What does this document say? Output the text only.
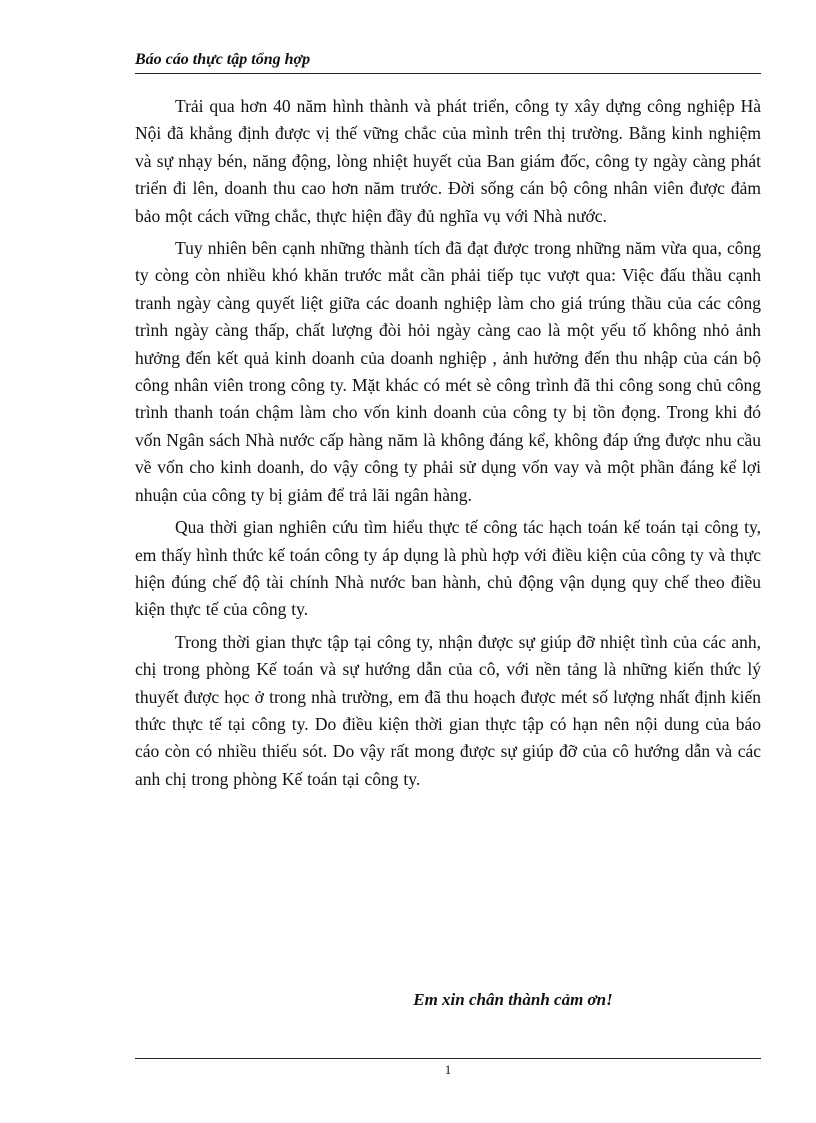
Báo cáo thực tập tổng hợp

Trải qua hơn 40 năm hình thành và phát triển, công ty xây dựng công nghiệp Hà Nội đã khẳng định được vị thế vững chắc của mình trên thị trường. Bằng kinh nghiệm và sự nhạy bén, năng động, lòng nhiệt huyết của Ban giám đốc, công ty ngày càng phát triển đi lên, doanh thu cao hơn năm trước. Đời sống cán bộ công nhân viên được đảm bảo một cách vững chắc, thực hiện đầy đủ nghĩa vụ với Nhà nước.

Tuy nhiên bên cạnh những thành tích đã đạt được trong những năm vừa qua, công ty còng còn nhiều khó khăn trước mắt cần phải tiếp tục vượt qua: Việc đấu thầu cạnh tranh ngày càng quyết liệt giữa các doanh nghiệp làm cho giá trúng thầu của các công trình ngày càng thấp, chất lượng đòi hỏi ngày càng cao là một yếu tố không nhỏ ảnh hưởng đến kết quả kinh doanh của doanh nghiệp , ảnh hưởng đến thu nhập của cán bộ công nhân viên trong công ty. Mặt khác có mét sè công trình đã thi công song chủ công trình thanh toán chậm làm cho vốn kinh doanh của công ty bị tồn đọng. Trong khi đó vốn Ngân sách Nhà nước cấp hàng năm là không đáng kể, không đáp ứng được nhu cầu về vốn cho kinh doanh, do vậy công ty phải sử dụng vốn vay và một phần đáng kể lợi nhuận của công ty bị giảm để trả lãi ngân hàng.

Qua thời gian nghiên cứu tìm hiểu thực tế công tác hạch toán kế toán tại công ty, em thấy hình thức kế toán công ty áp dụng là phù hợp với điều kiện của công ty và thực hiện đúng chế độ tài chính Nhà nước ban hành, chủ động vận dụng quy chế theo điều kiện thực tế của công ty.

Trong thời gian thực tập tại công ty, nhận được sự giúp đỡ nhiệt tình của các anh, chị trong phòng Kế toán và sự hướng dẫn của cô, với nền tảng là những kiến thức lý thuyết được học ở trong nhà trường, em đã thu hoạch được mét số lượng nhất định kiến thức thực tế tại công ty. Do điều kiện thời gian thực tập có hạn nên nội dung của báo cáo còn có nhiều thiếu sót. Do vậy rất mong được sự giúp đỡ của cô hướng dẫn và các anh chị trong phòng Kế toán tại công ty.

Em xin chân thành cảm ơn!
1
